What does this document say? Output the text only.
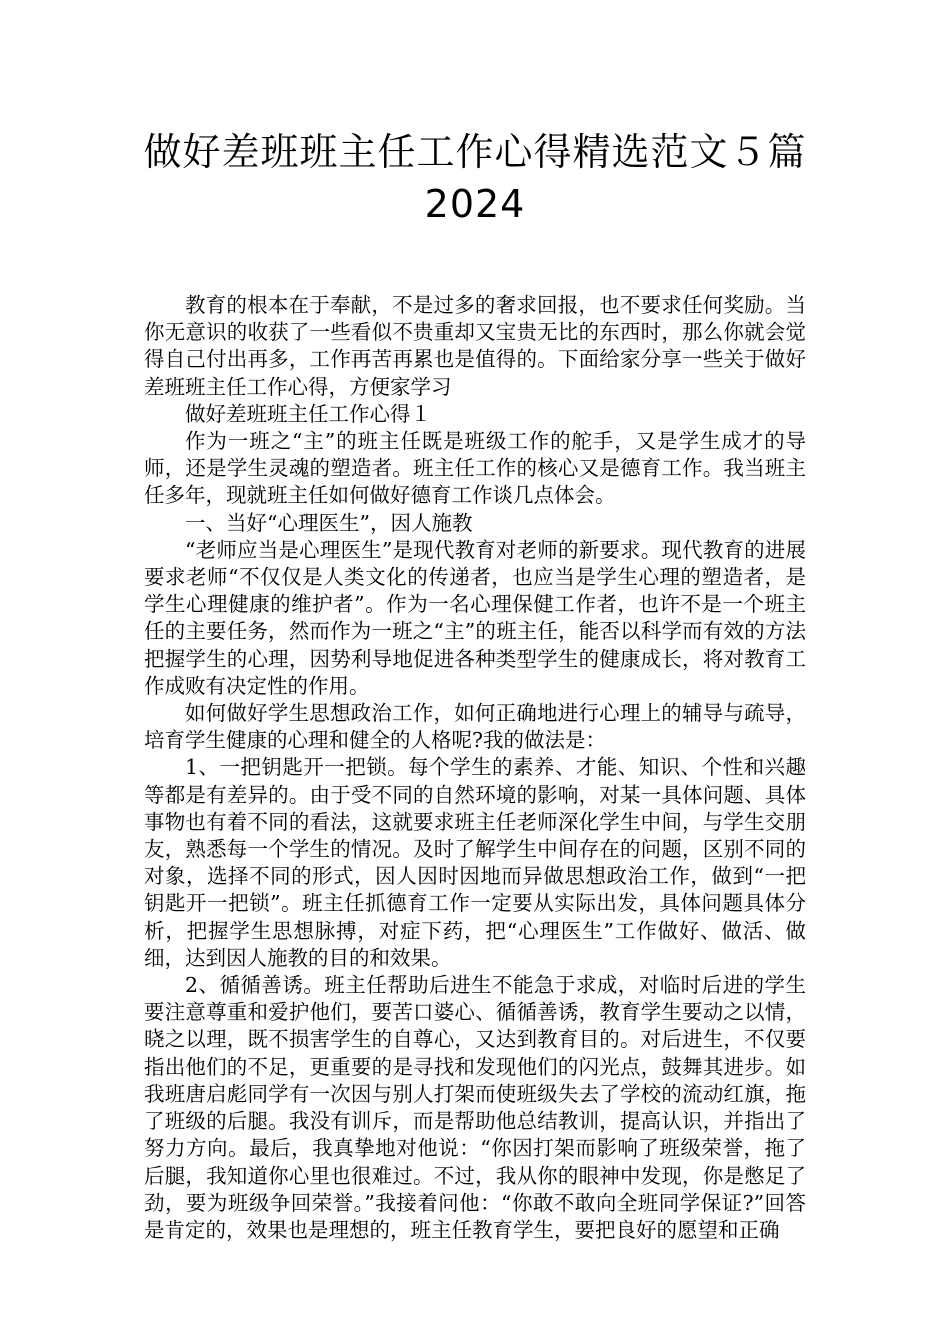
做好差班班主任工作心得精选范文５篇
2024

教育的根本在于奉献，不是过多的奢求回报，也不要求任何奖励。当你无意识的收获了一些看似不贵重却又宝贵无比的东西时，那么你就会觉得自己付出再多，工作再苦再累也是值得的。下面给家分享一些关于做好差班班主任工作心得，方便家学习

做好差班班主任工作心得１

作为一班之“主”的班主任既是班级工作的舵手，又是学生成才的导师，还是学生灵魂的塑造者。班主任工作的核心又是德育工作。我当班主任多年，现就班主任如何做好德育工作谈几点体会。

一、当好“心理医生”，因人施教

“老师应当是心理医生”是现代教育对老师的新要求。现代教育的进展要求老师“不仅仅是人类文化的传递者，也应当是学生心理的塑造者，是学生心理健康的维护者”。作为一名心理保健工作者，也许不是一个班主任的主要任务，然而作为一班之“主”的班主任，能否以科学而有效的方法把握学生的心理，因势利导地促进各种类型学生的健康成长，将对教育工作成败有决定性的作用。

如何做好学生思想政治工作，如何正确地进行心理上的辅导与疏导，培育学生健康的心理和健全的人格呢?我的做法是：

1、一把钥匙开一把锁。每个学生的素养、才能、知识、个性和兴趣等都是有差异的。由于受不同的自然环境的影响，对某一具体问题、具体事物也有着不同的看法，这就要求班主任老师深化学生中间，与学生交朋友，熟悉每一个学生的情况。及时了解学生中间存在的问题，区别不同的对象，选择不同的形式，因人因时因地而异做思想政治工作，做到“一把钥匙开一把锁”。班主任抓德育工作一定要从实际出发，具体问题具体分析，把握学生思想脉搏，对症下药，把“心理医生”工作做好、做活、做细，达到因人施教的目的和效果。

2、循循善诱。班主任帮助后进生不能急于求成，对临时后进的学生要注意尊重和爱护他们，要苦口婆心、循循善诱，教育学生要动之以情，晓之以理，既不损害学生的自尊心，又达到教育目的。对后进生，不仅要指出他们的不足，更重要的是寻找和发现他们的闪光点，鼓舞其进步。如我班唐启彪同学有一次因与别人打架而使班级失去了学校的流动红旗，拖了班级的后腿。我没有训斥，而是帮助他总结教训，提高认识，并指出了努力方向。最后，我真挚地对他说：“你因打架而影响了班级荣誉，拖了后腿，我知道你心里也很难过。不过，我从你的眼神中发现，你是憋足了劲，要为班级争回荣誉。”我接着问他：“你敢不敢向全班同学保证?”回答是肯定的，效果也是理想的，班主任教育学生，要把良好的愿望和正确
